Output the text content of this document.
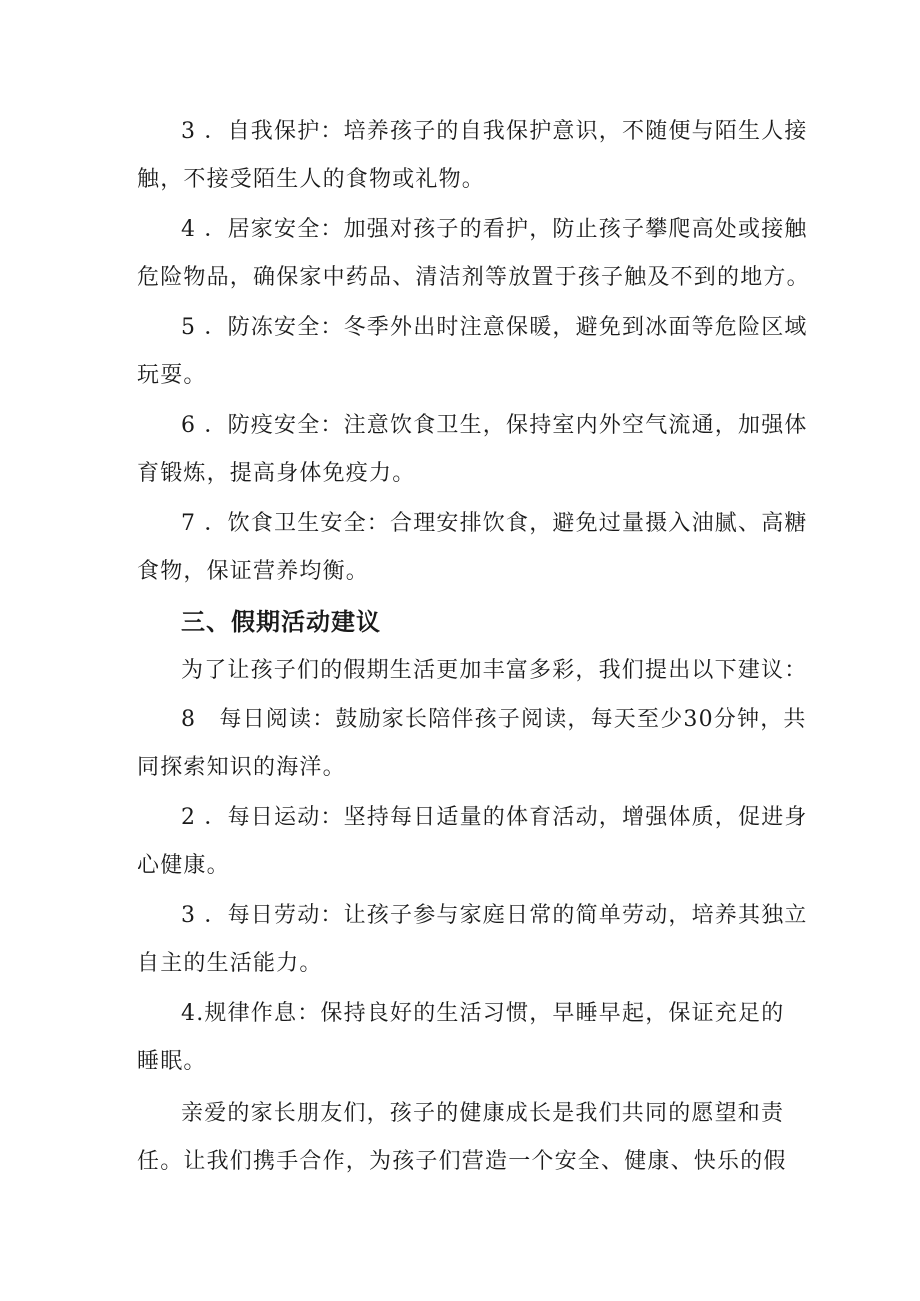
3 ．自我保护：培养孩子的自我保护意识，不随便与陌生人接
触，不接受陌生人的食物或礼物。

4 ．居家安全：加强对孩子的看护，防止孩子攀爬高处或接触
危险物品，确保家中药品、清洁剂等放置于孩子触及不到的地方。

5 ．防冻安全：冬季外出时注意保暖，避免到冰面等危险区域
玩耍。

6 ．防疫安全：注意饮食卫生，保持室内外空气流通，加强体
育锻炼，提高身体免疫力。

7 ．饮食卫生安全：合理安排饮食，避免过量摄入油腻、高糖
食物，保证营养均衡。

三、假期活动建议

为了让孩子们的假期生活更加丰富多彩，我们提出以下建议：

8　每日阅读：鼓励家长陪伴孩子阅读，每天至少30分钟，共
同探索知识的海洋。

2 ．每日运动：坚持每日适量的体育活动，增强体质，促进身
心健康。

3 ．每日劳动：让孩子参与家庭日常的简单劳动，培养其独立
自主的生活能力。

4.规律作息：保持良好的生活习惯，早睡早起，保证充足的
睡眠。

亲爱的家长朋友们，孩子的健康成长是我们共同的愿望和责
任。让我们携手合作，为孩子们营造一个安全、健康、快乐的假
